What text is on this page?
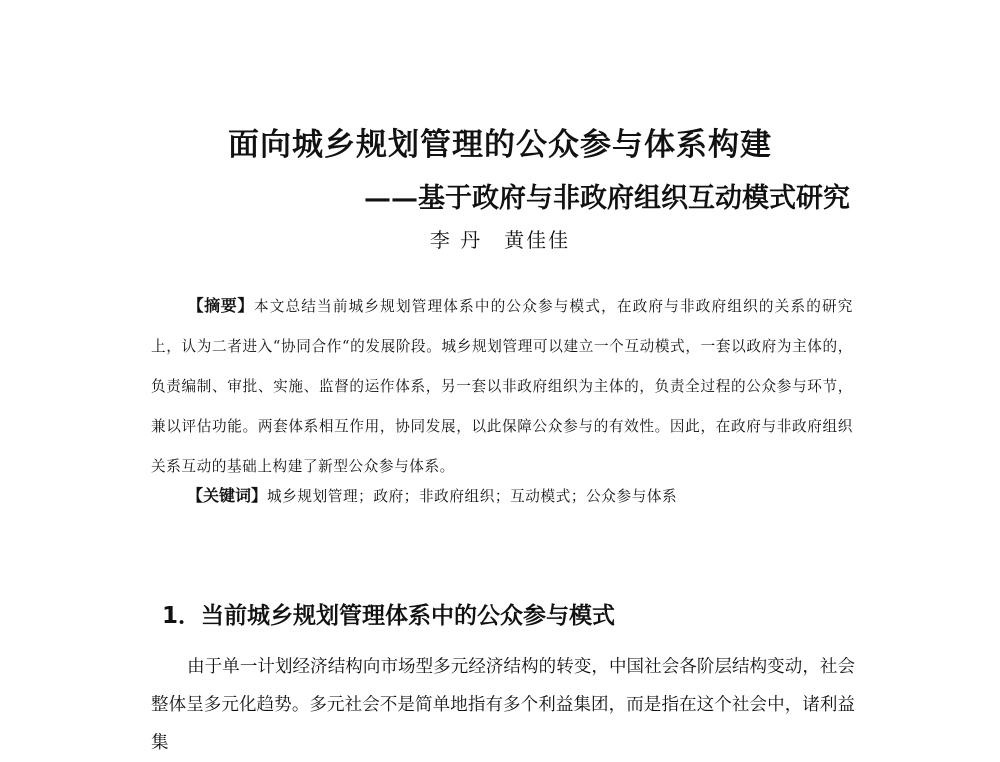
面向城乡规划管理的公众参与体系构建
——基于政府与非政府组织互动模式研究
李 丹 黄佳佳

【摘要】本文总结当前城乡规划管理体系中的公众参与模式，在政府与非政府组织的关系的研究上，认为二者进入“协同合作“的发展阶段。城乡规划管理可以建立一个互动模式，一套以政府为主体的，负责编制、审批、实施、监督的运作体系，另一套以非政府组织为主体的，负责全过程的公众参与环节，兼以评估功能。两套体系相互作用，协同发展，以此保障公众参与的有效性。因此，在政府与非政府组织关系互动的基础上构建了新型公众参与体系。

【关键词】城乡规划管理；政府；非政府组织；互动模式；公众参与体系

1．当前城乡规划管理体系中的公众参与模式

由于单一计划经济结构向市场型多元经济结构的转变，中国社会各阶层结构变动，社会整体呈多元化趋势。多元社会不是简单地指有多个利益集团，而是指在这个社会中，诸利益集
